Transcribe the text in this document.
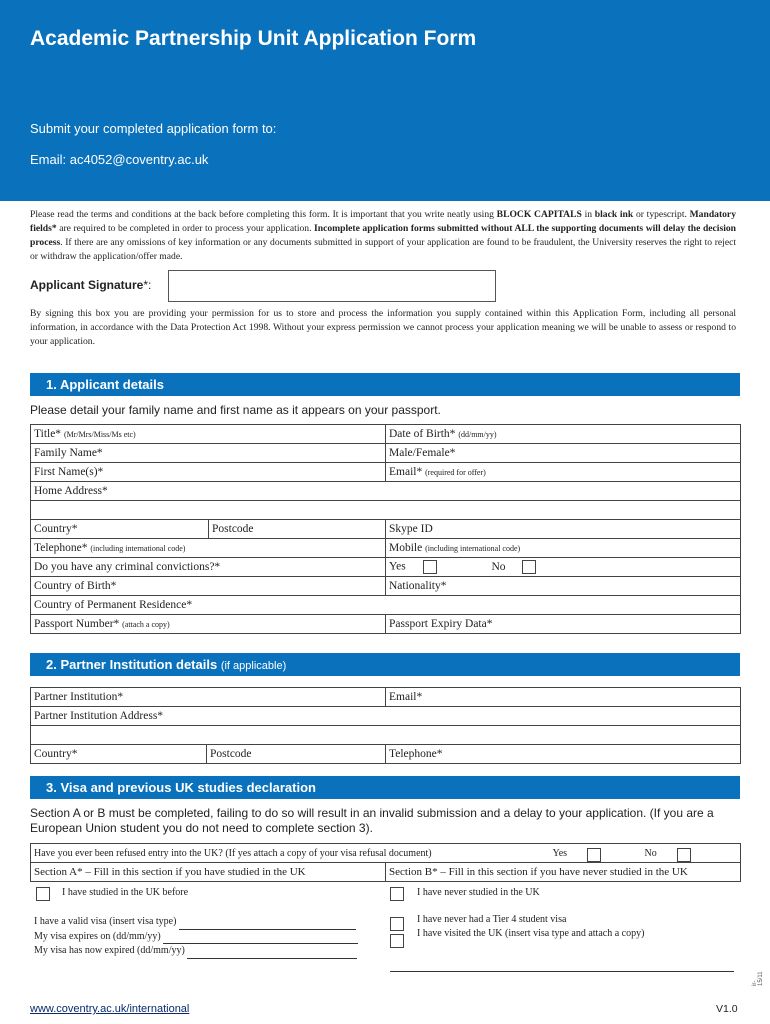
Academic Partnership Unit Application Form
Submit your completed application form to:
Email: ac4052@coventry.ac.uk
Please read the terms and conditions at the back before completing this form. It is important that you write neatly using BLOCK CAPITALS in black ink or typescript. Mandatory fields* are required to be completed in order to process your application. Incomplete application forms submitted without ALL the supporting documents will delay the decision process. If there are any omissions of key information or any documents submitted in support of your application are found to be fraudulent, the University reserves the right to reject or withdraw the application/offer made.
Applicant Signature*:
By signing this box you are providing your permission for us to store and process the information you supply contained within this Application Form, including all personal information, in accordance with the Data Protection Act 1998. Without your express permission we cannot process your application meaning we will be unable to assess or respond to your application.
1. Applicant details
Please detail your family name and first name as it appears on your passport.
Title* (Mr/Mrs/Miss/Ms etc)		Date of Birth* (dd/mm/yy)
Family Name*		Male/Female*
First Name(s)*		Email* (required for offer)
Home Address*		

Country*	Postcode	Skype ID
Telephone* (including international code)		Mobile (including international code)
Do you have any criminal convictions?*		Yes No
Country of Birth*		Nationality*
Country of Permanent Residence*		
Passport Number* (attach a copy)		Passport Expiry Data*
2. Partner Institution details (if applicable)
Partner Institution*		Email*
Partner Institution Address*		

Country*	Postcode	Telephone*
3. Visa and previous UK studies declaration
Section A or B must be completed, failing to do so will result in an invalid submission and a delay to your application. (If you are a European Union student you do not need to complete section 3).
Have you ever been refused entry into the UK? (If yes attach a copy of your visa refusal document)	Yes	No

Section A* – Fill in this section if you have studied in the UK	Section B* – Fill in this section if you have never studied in the UK
I have studied in the UK before
I have a valid visa (insert visa type)
My visa expires on (dd/mm/yy)
My visa has now expired (dd/mm/yy)
I have never studied in the UK
I have never had a Tier 4 student visa
I have visited the UK (insert visa type and attach a copy)
www.coventry.ac.uk/international	V1.0
ir-15/11
